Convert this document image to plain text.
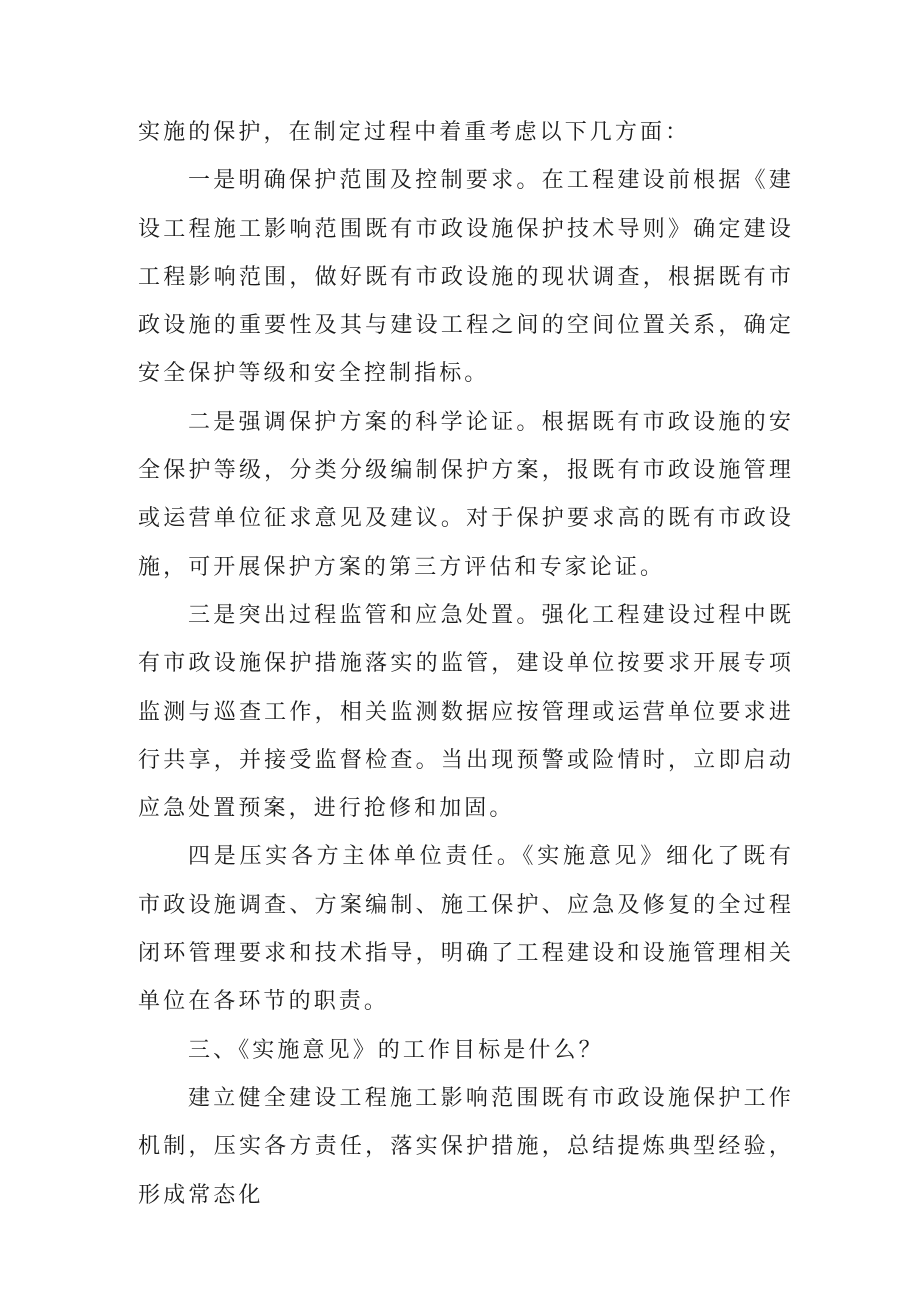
实施的保护，在制定过程中着重考虑以下几方面：

一是明确保护范围及控制要求。在工程建设前根据《建设工程施工影响范围既有市政设施保护技术导则》确定建设工程影响范围，做好既有市政设施的现状调查，根据既有市政设施的重要性及其与建设工程之间的空间位置关系，确定安全保护等级和安全控制指标。

二是强调保护方案的科学论证。根据既有市政设施的安全保护等级，分类分级编制保护方案，报既有市政设施管理或运营单位征求意见及建议。对于保护要求高的既有市政设施，可开展保护方案的第三方评估和专家论证。

三是突出过程监管和应急处置。强化工程建设过程中既有市政设施保护措施落实的监管，建设单位按要求开展专项监测与巡查工作，相关监测数据应按管理或运营单位要求进行共享，并接受监督检查。当出现预警或险情时，立即启动应急处置预案，进行抢修和加固。

四是压实各方主体单位责任。《实施意见》细化了既有市政设施调查、方案编制、施工保护、应急及修复的全过程闭环管理要求和技术指导，明确了工程建设和设施管理相关单位在各环节的职责。

三、《实施意见》的工作目标是什么？

建立健全建设工程施工影响范围既有市政设施保护工作机制，压实各方责任，落实保护措施，总结提炼典型经验，形成常态化
